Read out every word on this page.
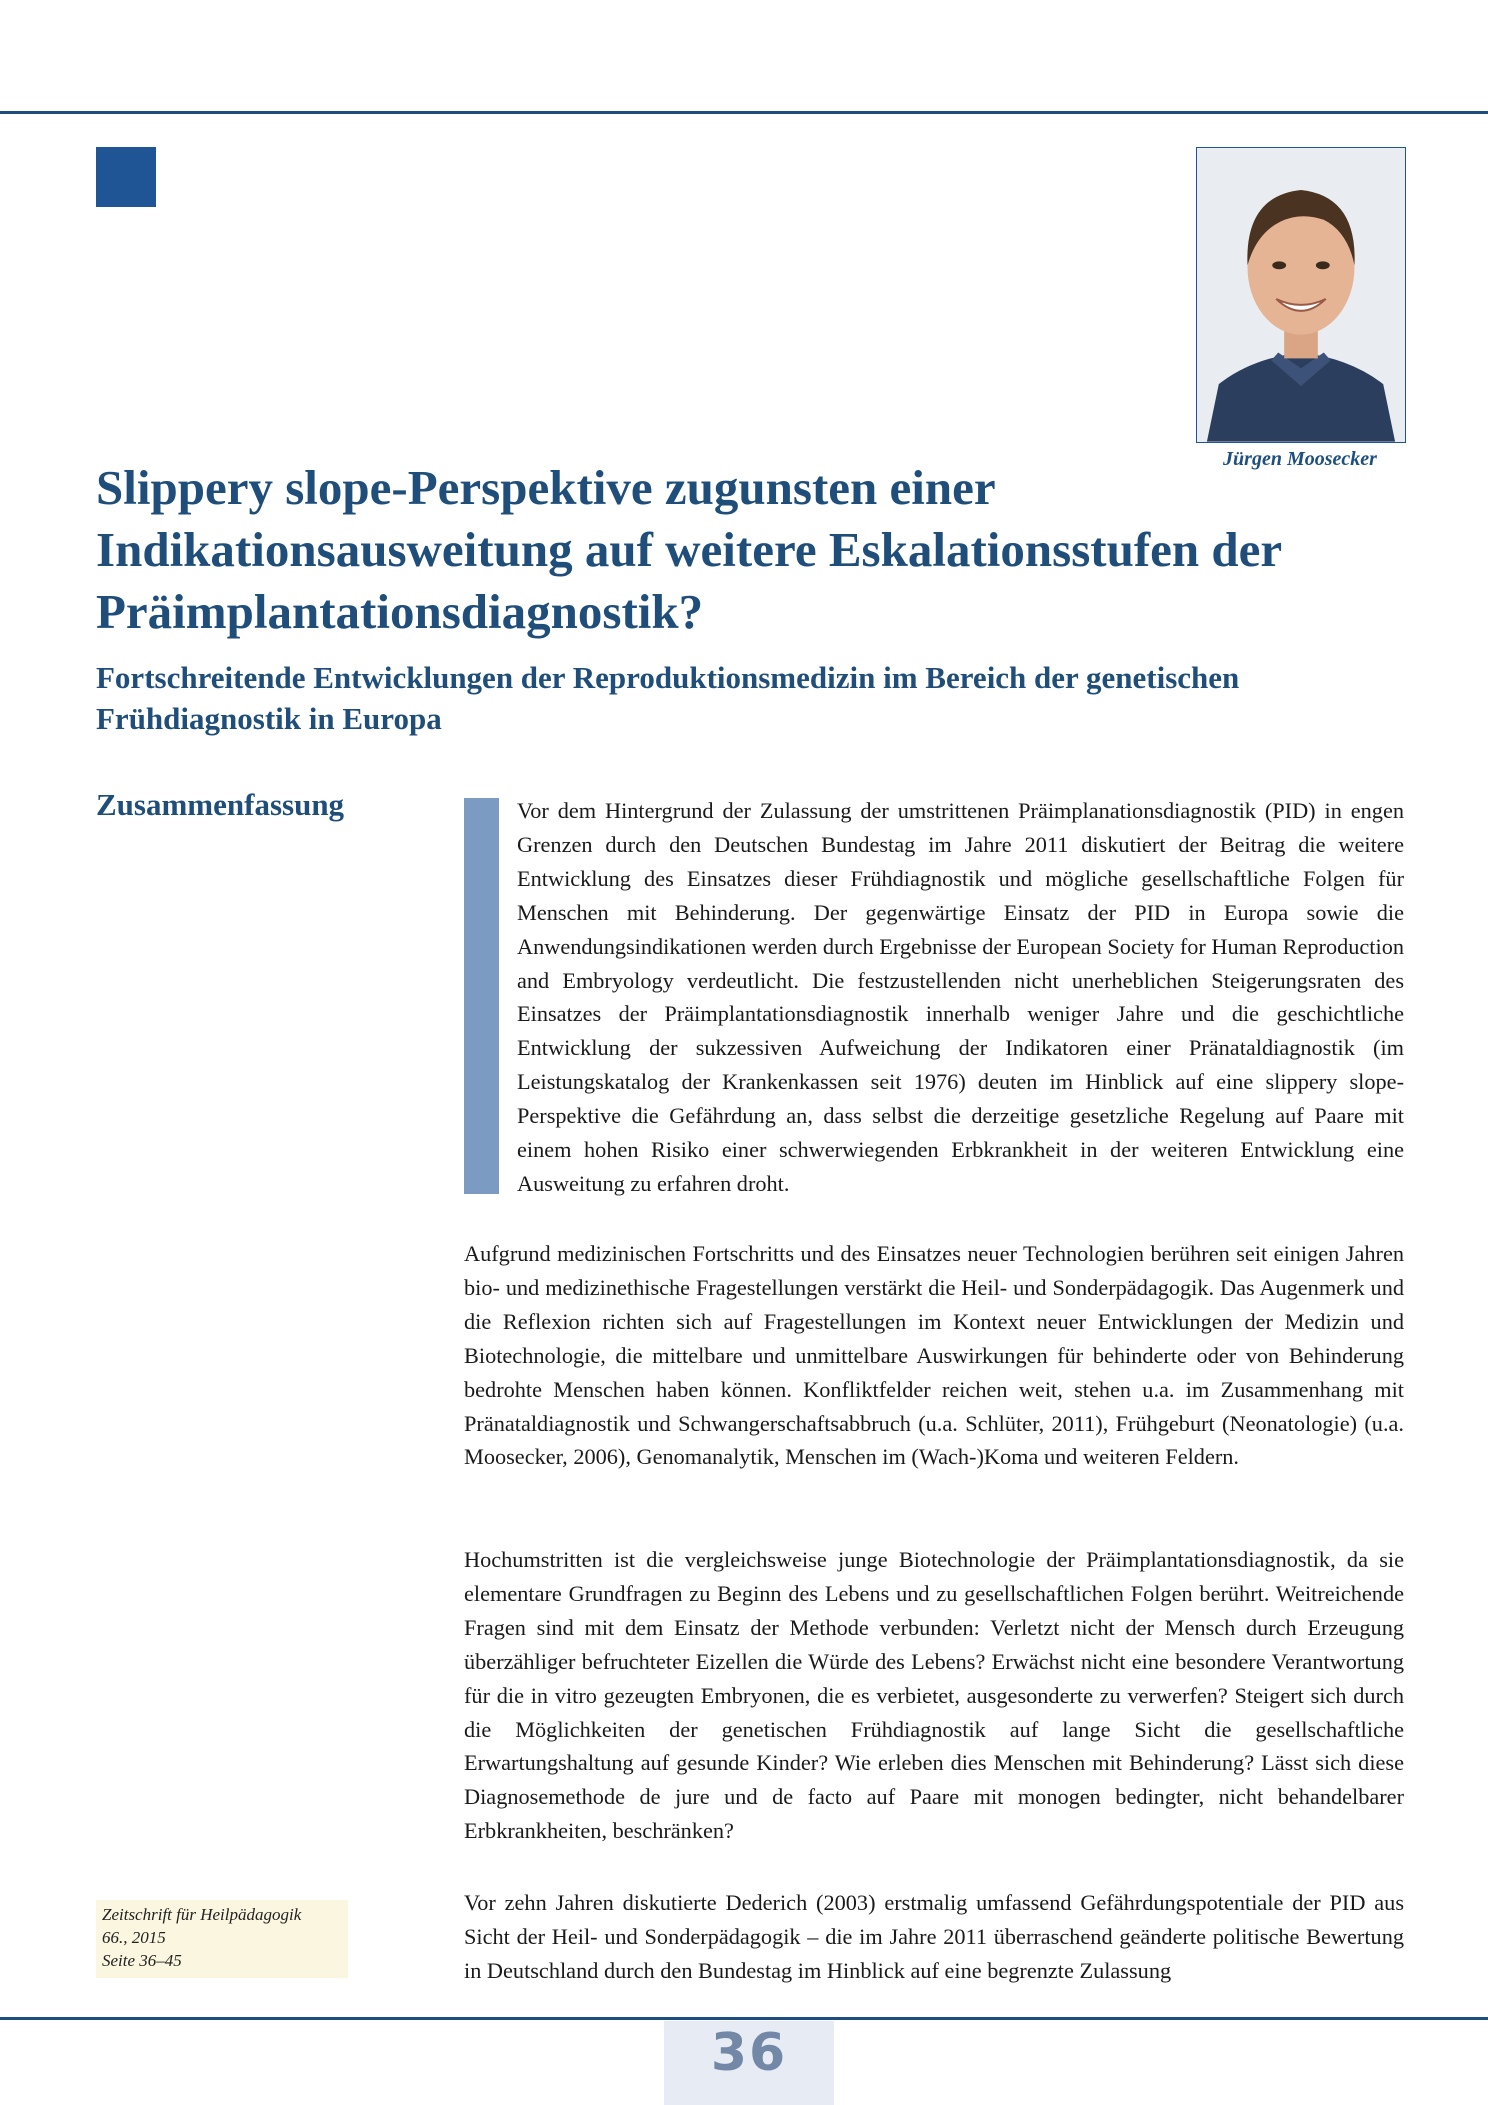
Jürgen Moosecker
Slippery slope-Perspektive zugunsten einer Indikationsausweitung auf weitere Eskalationsstufen der Präimplantationsdiagnostik?
Fortschreitende Entwicklungen der Reproduktionsmedizin im Bereich der genetischen Frühdiagnostik in Europa
Zusammenfassung	Vor dem Hintergrund der Zulassung der umstrittenen Präimplanationsdiagnostik (PID) in engen Grenzen durch den Deutschen Bundestag im Jahre 2011 diskutiert der Beitrag die weitere Entwicklung des Einsatzes dieser Frühdiagnostik und mögliche gesellschaftliche Folgen für Menschen mit Behinderung. Der gegenwärtige Einsatz der PID in Europa sowie die Anwendungsindikationen werden durch Ergebnisse der European Society for Human Reproduction and Embryology verdeutlicht. Die festzustellenden nicht unerheblichen Steigerungsraten des Einsatzes der Präimplantationsdiagnostik innerhalb weniger Jahre und die geschichtliche Entwicklung der sukzessiven Aufweichung der Indikatoren einer Pränataldiagnostik (im Leistungskatalog der Krankenkassen seit 1976) deuten im Hinblick auf eine slippery slope-Perspektive die Gefährdung an, dass selbst die derzeitige gesetzliche Regelung auf Paare mit einem hohen Risiko einer schwerwiegenden Erbkrankheit in der weiteren Entwicklung eine Ausweitung zu erfahren droht.

Aufgrund medizinischen Fortschritts und des Einsatzes neuer Technologien berühren seit einigen Jahren bio- und medizinethische Fragestellungen verstärkt die Heil- und Sonderpädagogik. Das Augenmerk und die Reflexion richten sich auf Fragestellungen im Kontext neuer Entwicklungen der Medizin und Biotechnologie, die mittelbare und unmittelbare Auswirkungen für behinderte oder von Behinderung bedrohte Menschen haben können. Konfliktfelder reichen weit, stehen u.a. im Zusammenhang mit Pränataldiagnostik und Schwangerschaftsabbruch (u.a. Schlüter, 2011), Frühgeburt (Neonatologie) (u.a. Moosecker, 2006), Genomanalytik, Menschen im (Wach-)Koma und weiteren Feldern.

Hochumstritten ist die vergleichsweise junge Biotechnologie der Präimplantationsdiagnostik, da sie elementare Grundfragen zu Beginn des Lebens und zu gesellschaftlichen Folgen berührt. Weitreichende Fragen sind mit dem Einsatz der Methode verbunden: Verletzt nicht der Mensch durch Erzeugung überzähliger befruchteter Eizellen die Würde des Lebens? Erwächst nicht eine besondere Verantwortung für die in vitro gezeugten Embryonen, die es verbietet, ausgesonderte zu verwerfen? Steigert sich durch die Möglichkeiten der genetischen Frühdiagnostik auf lange Sicht die gesellschaftliche Erwartungshaltung auf gesunde Kinder? Wie erleben dies Menschen mit Behinderung? Lässt sich diese Diagnosemethode de jure und de facto auf Paare mit monogen bedingter, nicht behandelbarer Erbkrankheiten, beschränken?

Vor zehn Jahren diskutierte Dederich (2003) erstmalig umfassend Gefährdungspotentiale der PID aus Sicht der Heil- und Sonderpädagogik – die im Jahre 2011 überraschend geänderte politische Bewertung in Deutschland durch den Bundestag im Hinblick auf eine begrenzte Zulassung

Zeitschrift für Heilpädagogik
66., 2015
Seite 36–45
36
